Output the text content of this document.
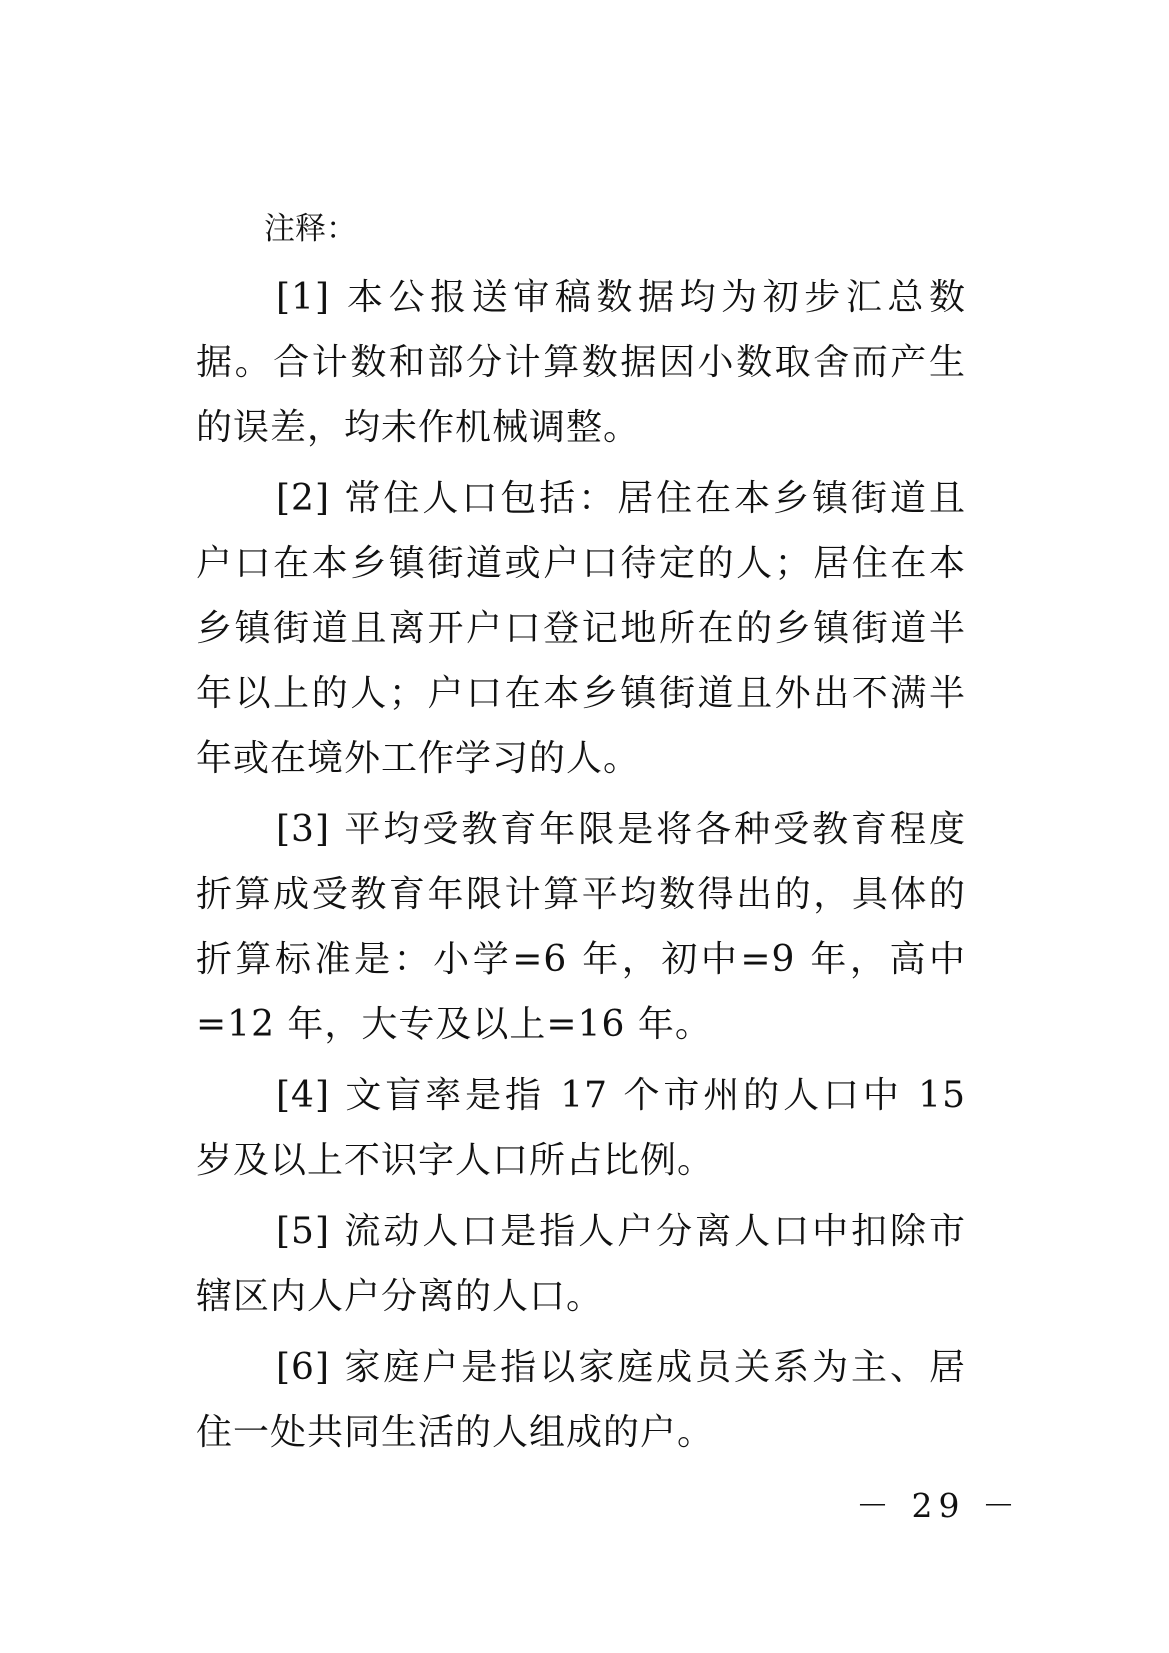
注释：

[1] 本公报送审稿数据均为初步汇总数据。合计数和部分计算数据因小数取舍而产生的误差，均未作机械调整。

[2] 常住人口包括：居住在本乡镇街道且户口在本乡镇街道或户口待定的人；居住在本乡镇街道且离开户口登记地所在的乡镇街道半年以上的人；户口在本乡镇街道且外出不满半年或在境外工作学习的人。

[3] 平均受教育年限是将各种受教育程度折算成受教育年限计算平均数得出的，具体的折算标准是：小学=6 年，初中=9 年，高中=12 年，大专及以上=16 年。

[4] 文盲率是指 17 个市州的人口中 15 岁及以上不识字人口所占比例。

[5] 流动人口是指人户分离人口中扣除市辖区内人户分离的人口。

[6] 家庭户是指以家庭成员关系为主、居住一处共同生活的人组成的户。

－ 29 －
